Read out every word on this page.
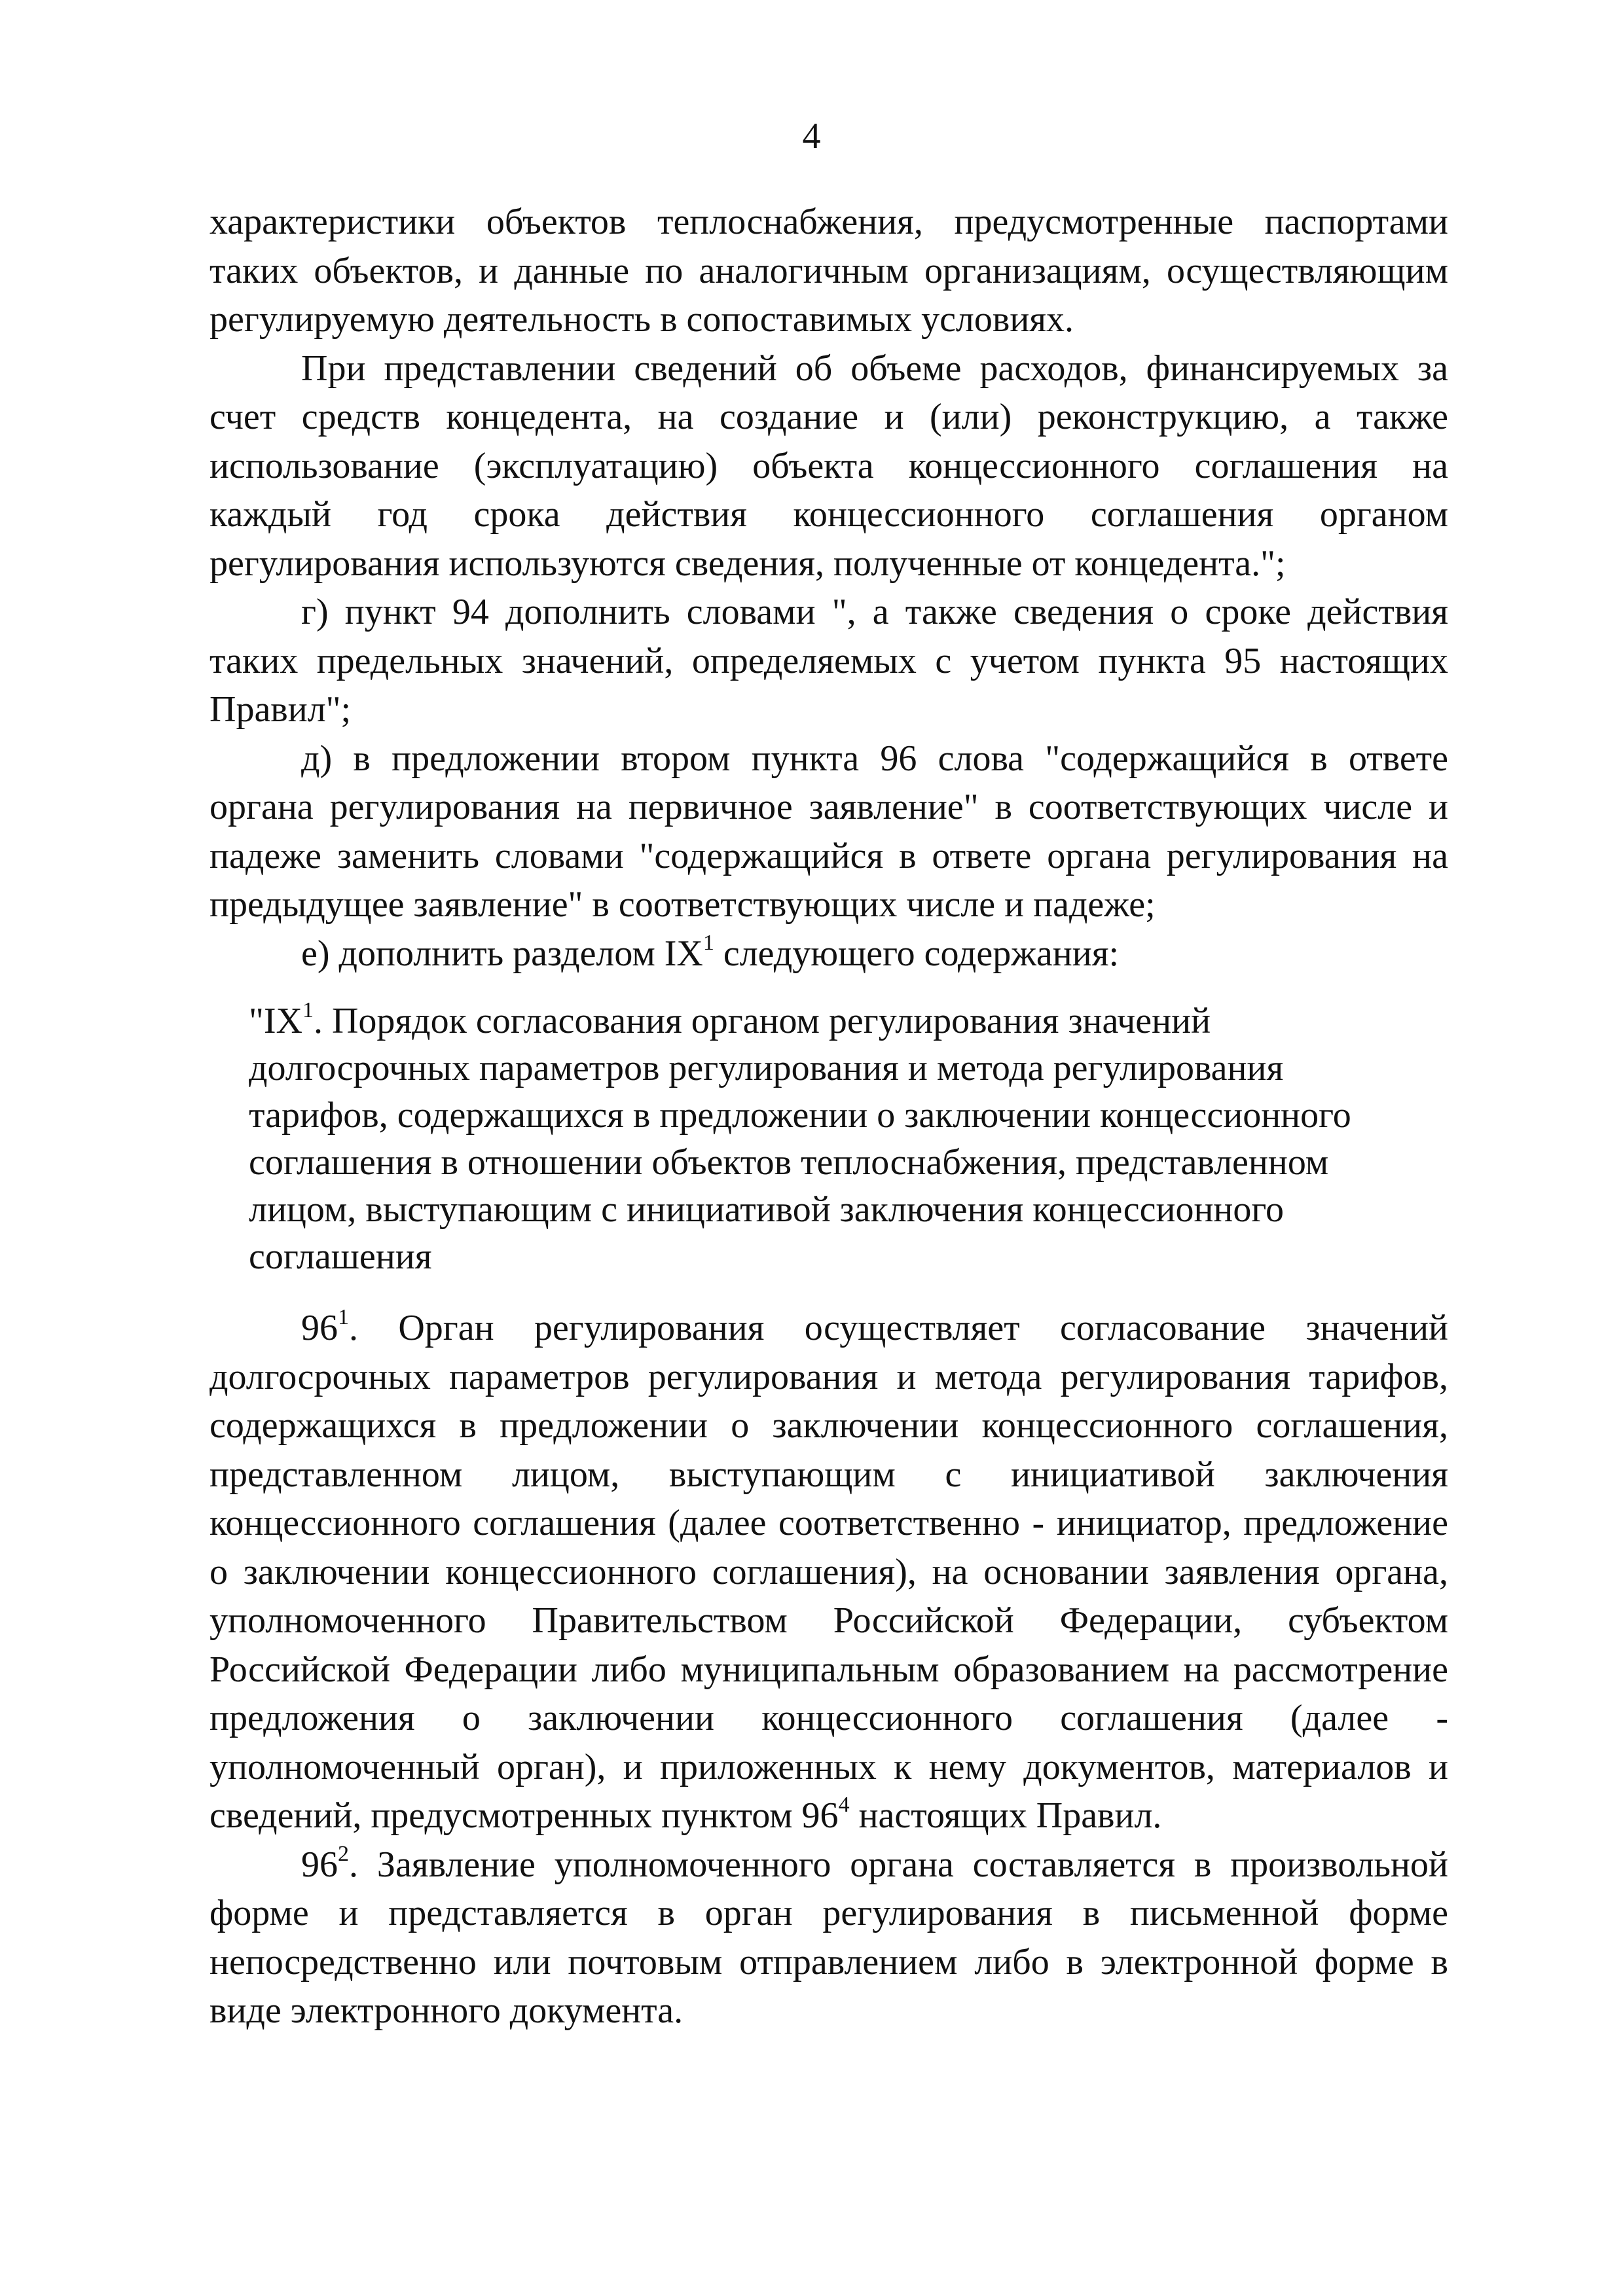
4

характеристики объектов теплоснабжения, предусмотренные паспортами таких объектов, и данные по аналогичным организациям, осуществляющим регулируемую деятельность в сопоставимых условиях.

При представлении сведений об объеме расходов, финансируемых за счет средств концедента, на создание и (или) реконструкцию, а также использование (эксплуатацию) объекта концессионного соглашения на каждый год срока действия концессионного соглашения органом регулирования используются сведения, полученные от концедента.";

г) пункт 94 дополнить словами ", а также сведения о сроке действия таких предельных значений, определяемых с учетом пункта 95 настоящих Правил";

д) в предложении втором пункта 96 слова "содержащийся в ответе органа регулирования на первичное заявление" в соответствующих числе и падеже заменить словами "содержащийся в ответе органа регулирования на предыдущее заявление" в соответствующих числе и падеже;

е) дополнить разделом $IX^1$ следующего содержания:

"$IX^1$. Порядок согласования органом регулирования значений
долгосрочных параметров регулирования и метода регулирования
тарифов, содержащихся в предложении о заключении концессионного
соглашения в отношении объектов теплоснабжения, представленном
лицом, выступающим с инициативой заключения концессионного
соглашения

$96^1$. Орган регулирования осуществляет согласование значений долгосрочных параметров регулирования и метода регулирования тарифов, содержащихся в предложении о заключении концессионного соглашения, представленном лицом, выступающим с инициативой заключения концессионного соглашения (далее соответственно - инициатор, предложение о заключении концессионного соглашения), на основании заявления органа, уполномоченного Правительством Российской Федерации, субъектом Российской Федерации либо муниципальным образованием на рассмотрение предложения о заключении концессионного соглашения (далее - уполномоченный орган), и приложенных к нему документов, материалов и сведений, предусмотренных пунктом $96^4$ настоящих Правил.

$96^2$. Заявление уполномоченного органа составляется в произвольной форме и представляется в орган регулирования в письменной форме непосредственно или почтовым отправлением либо в электронной форме в виде электронного документа.
